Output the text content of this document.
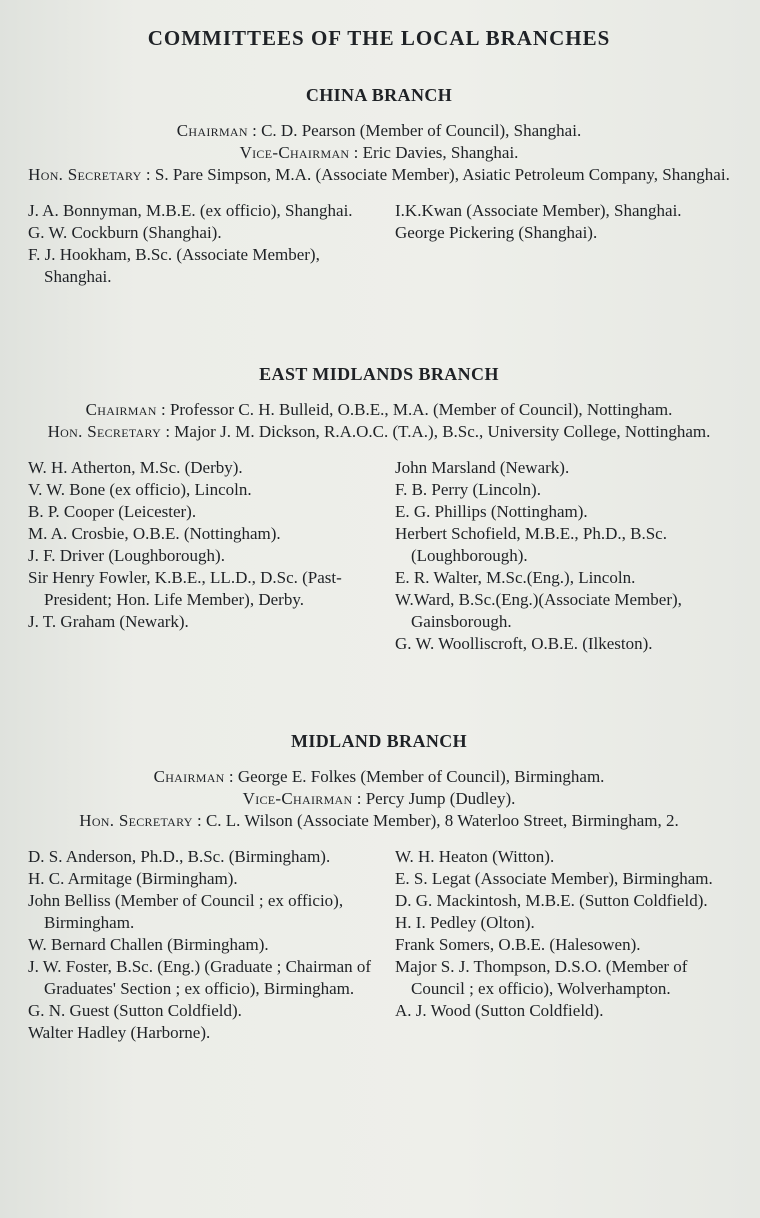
COMMITTEES OF THE LOCAL BRANCHES
CHINA BRANCH

Chairman : C. D. Pearson (Member of Council), Shanghai.

Vice-Chairman : Eric Davies, Shanghai.

Hon. Secretary : S. Pare Simpson, M.A. (Associate Member), Asiatic Petroleum Company, Shanghai.

J. A. Bonnyman, M.B.E. (ex officio), Shanghai.

G. W. Cockburn (Shanghai).

F. J. Hookham, B.Sc. (Associate Member), Shanghai.

I.K.Kwan (Associate Member), Shanghai.

George Pickering (Shanghai).

EAST MIDLANDS BRANCH

Chairman : Professor C. H. Bulleid, O.B.E., M.A. (Member of Council), Nottingham.

Hon. Secretary : Major J. M. Dickson, R.A.O.C. (T.A.), B.Sc., University College, Nottingham.

W. H. Atherton, M.Sc. (Derby).

V. W. Bone (ex officio), Lincoln.

B. P. Cooper (Leicester).

M. A. Crosbie, O.B.E. (Nottingham).

J. F. Driver (Loughborough).

Sir Henry Fowler, K.B.E., LL.D., D.Sc. (Past-President; Hon. Life Member), Derby.

J. T. Graham (Newark).

John Marsland (Newark).

F. B. Perry (Lincoln).

E. G. Phillips (Nottingham).

Herbert Schofield, M.B.E., Ph.D., B.Sc. (Loughborough).

E. R. Walter, M.Sc.(Eng.), Lincoln.

W.Ward, B.Sc.(Eng.)(Associate Member), Gainsborough.

G. W. Woolliscroft, O.B.E. (Ilkeston).

MIDLAND BRANCH

Chairman : George E. Folkes (Member of Council), Birmingham.

Vice-Chairman : Percy Jump (Dudley).

Hon. Secretary : C. L. Wilson (Associate Member), 8 Waterloo Street, Birmingham, 2.

D. S. Anderson, Ph.D., B.Sc. (Birmingham).

H. C. Armitage (Birmingham).

John Belliss (Member of Council ; ex officio), Birmingham.

W. Bernard Challen (Birmingham).

J. W. Foster, B.Sc. (Eng.) (Graduate ; Chairman of Graduates' Section ; ex officio), Birmingham.

G. N. Guest (Sutton Coldfield).

Walter Hadley (Harborne).

W. H. Heaton (Witton).

E. S. Legat (Associate Member), Birmingham.

D. G. Mackintosh, M.B.E. (Sutton Coldfield).

H. I. Pedley (Olton).

Frank Somers, O.B.E. (Halesowen).

Major S. J. Thompson, D.S.O. (Member of Council ; ex officio), Wolverhampton.

A. J. Wood (Sutton Coldfield).
